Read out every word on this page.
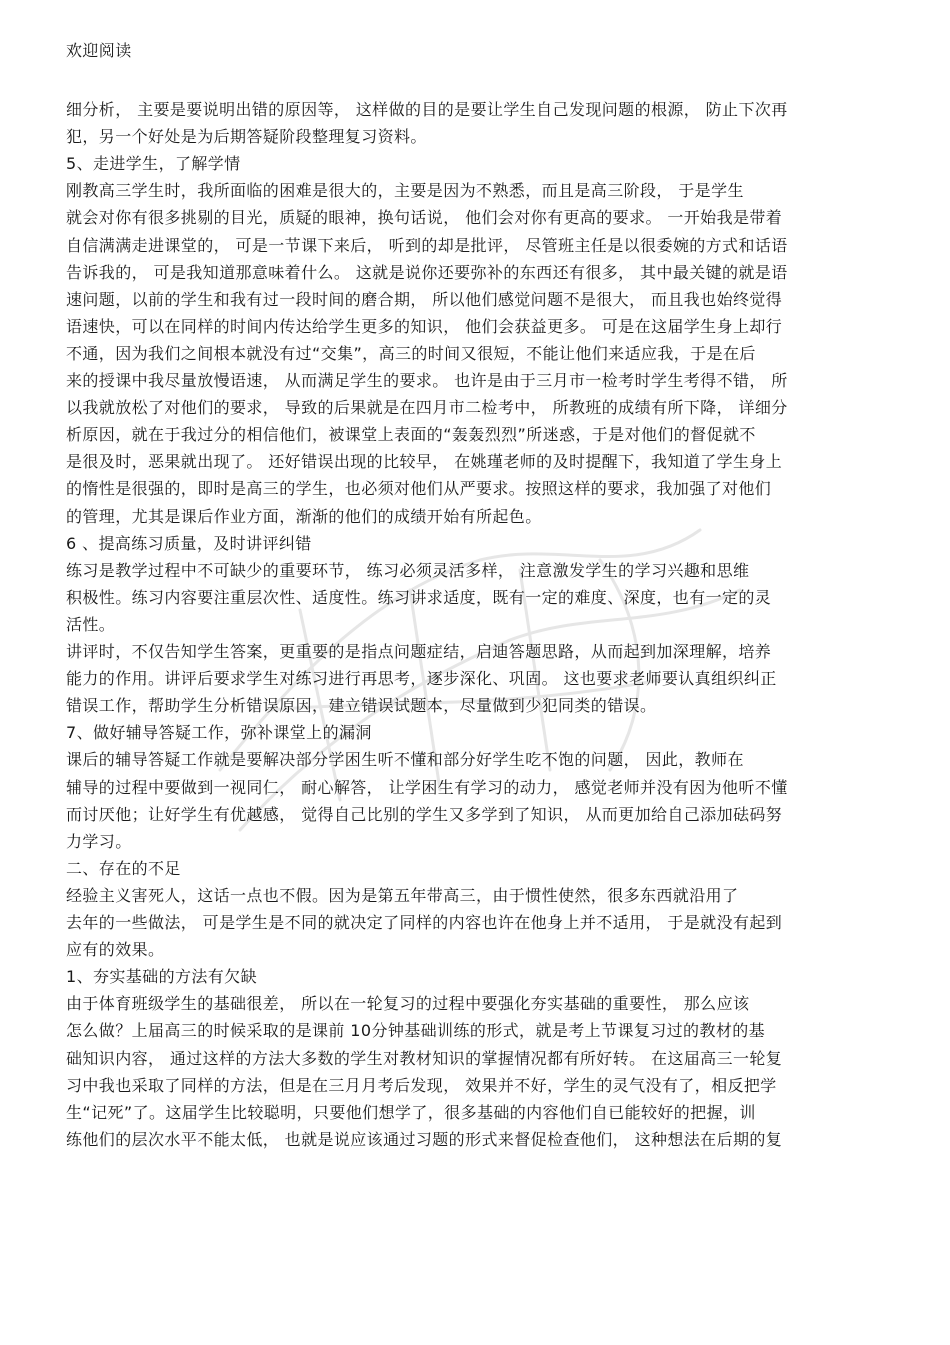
欢迎阅读
细分析， 主要是要说明出错的原因等， 这样做的目的是要让学生自己发现问题的根源， 防止下次再
犯，另一个好处是为后期答疑阶段整理复习资料。
5、走进学生，了解学情
刚教高三学生时，我所面临的困难是很大的，主要是因为不熟悉，而且是高三阶段， 于是学生
就会对你有很多挑剔的目光，质疑的眼神，换句话说， 他们会对你有更高的要求。 一开始我是带着
自信满满走进课堂的， 可是一节课下来后， 听到的却是批评， 尽管班主任是以很委婉的方式和话语
告诉我的， 可是我知道那意味着什么。 这就是说你还要弥补的东西还有很多， 其中最关键的就是语
速问题，以前的学生和我有过一段时间的磨合期， 所以他们感觉问题不是很大， 而且我也始终觉得
语速快，可以在同样的时间内传达给学生更多的知识， 他们会获益更多。 可是在这届学生身上却行
不通，因为我们之间根本就没有过“交集”，高三的时间又很短，不能让他们来适应我，于是在后
来的授课中我尽量放慢语速， 从而满足学生的要求。 也许是由于三月市一检考时学生考得不错， 所
以我就放松了对他们的要求， 导致的后果就是在四月市二检考中， 所教班的成绩有所下降， 详细分
析原因，就在于我过分的相信他们，被课堂上表面的“轰轰烈烈”所迷惑，于是对他们的督促就不
是很及时，恶果就出现了。 还好错误出现的比较早， 在姚瑾老师的及时提醒下，我知道了学生身上
的惰性是很强的，即时是高三的学生，也必须对他们从严要求。按照这样的要求，我加强了对他们
的管理，尤其是课后作业方面，渐渐的他们的成绩开始有所起色。
6 、提高练习质量，及时讲评纠错
练习是教学过程中不可缺少的重要环节， 练习必须灵活多样， 注意激发学生的学习兴趣和思维
积极性。练习内容要注重层次性、适度性。练习讲求适度，既有一定的难度、深度，也有一定的灵
活性。
讲评时，不仅告知学生答案，更重要的是指点问题症结，启迪答题思路，从而起到加深理解，培养
能力的作用。讲评后要求学生对练习进行再思考，逐步深化、巩固。 这也要求老师要认真组织纠正
错误工作，帮助学生分析错误原因，建立错误试题本，尽量做到少犯同类的错误。
7、做好辅导答疑工作，弥补课堂上的漏洞
课后的辅导答疑工作就是要解决部分学困生听不懂和部分好学生吃不饱的问题， 因此，教师在
辅导的过程中要做到一视同仁， 耐心解答， 让学困生有学习的动力， 感觉老师并没有因为他听不懂
而讨厌他；让好学生有优越感， 觉得自己比别的学生又多学到了知识， 从而更加给自己添加砝码努
力学习。
二、存在的不足
经验主义害死人，这话一点也不假。因为是第五年带高三，由于惯性使然，很多东西就沿用了
去年的一些做法， 可是学生是不同的就决定了同样的内容也许在他身上并不适用， 于是就没有起到
应有的效果。
1、夯实基础的方法有欠缺
由于体育班级学生的基础很差， 所以在一轮复习的过程中要强化夯实基础的重要性， 那么应该
怎么做？上届高三的时候采取的是课前 10分钟基础训练的形式，就是考上节课复习过的教材的基
础知识内容， 通过这样的方法大多数的学生对教材知识的掌握情况都有所好转。 在这届高三一轮复
习中我也采取了同样的方法，但是在三月月考后发现， 效果并不好，学生的灵气没有了，相反把学
生“记死”了。这届学生比较聪明，只要他们想学了，很多基础的内容他们自已能较好的把握，训
练他们的层次水平不能太低， 也就是说应该通过习题的形式来督促检查他们， 这种想法在后期的复
